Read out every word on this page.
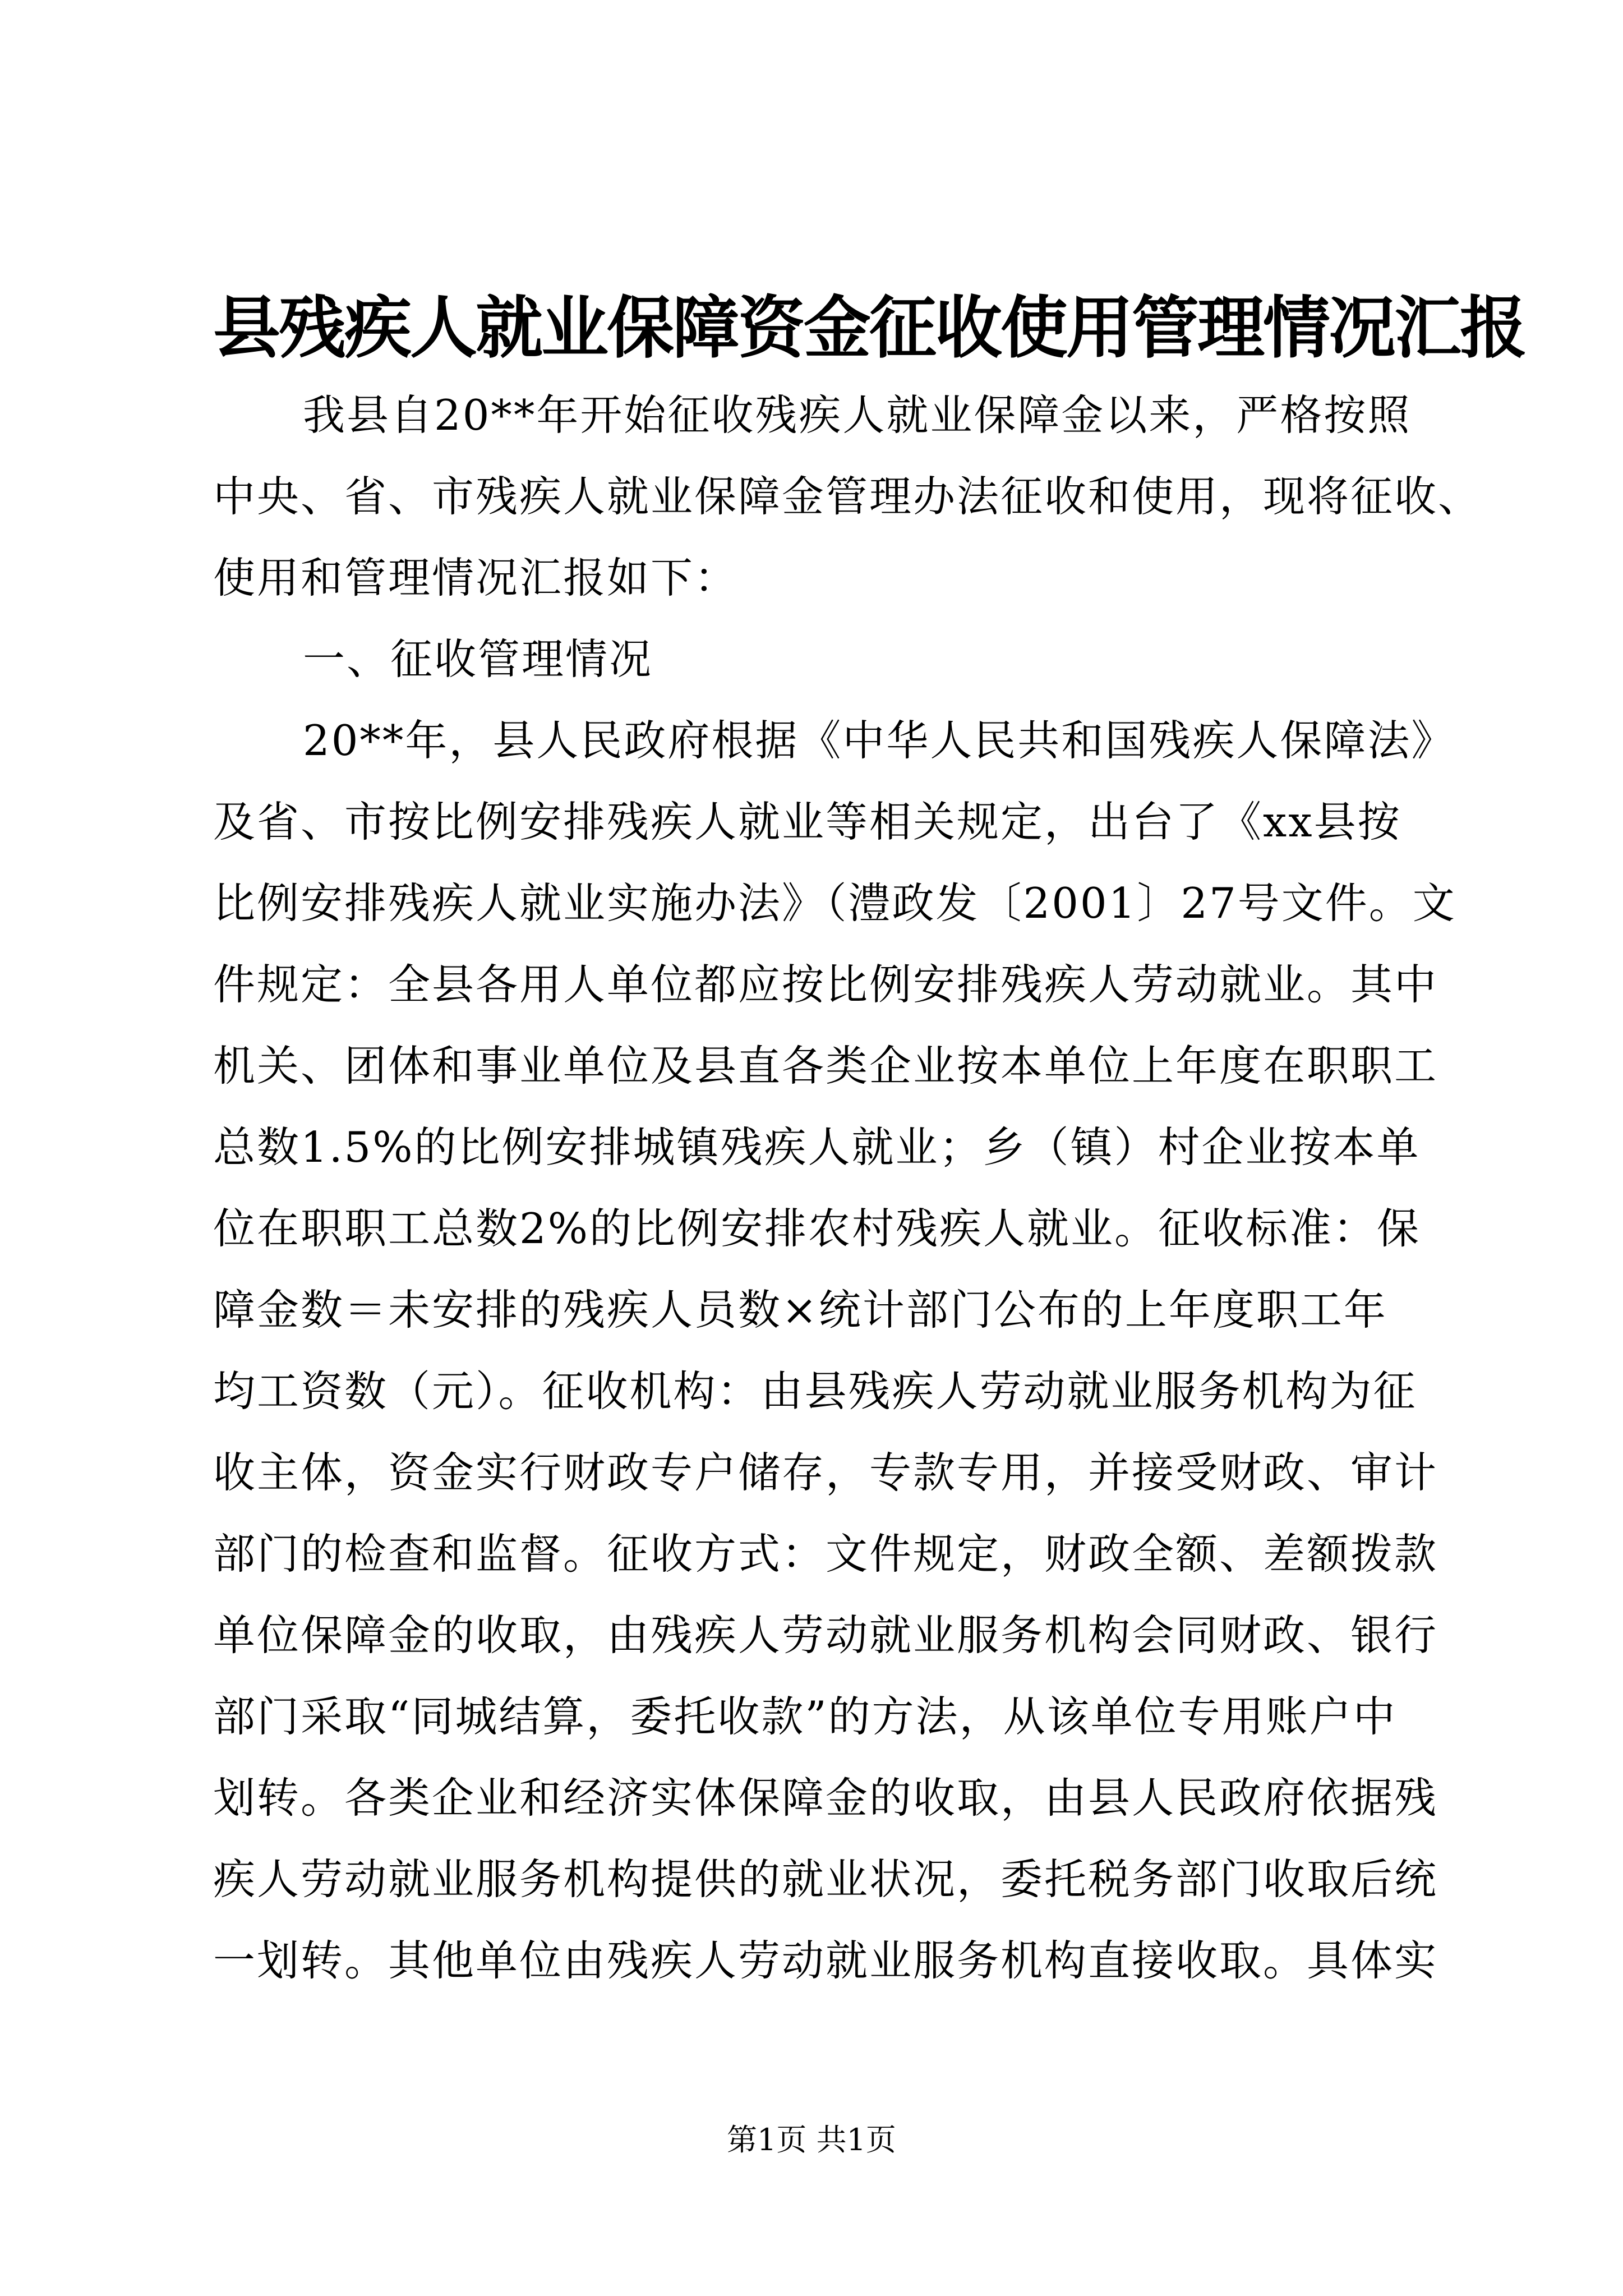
县残疾人就业保障资金征收使用管理情况汇报

我县自20**年开始征收残疾人就业保障金以来，严格按照

中央、省、市残疾人就业保障金管理办法征收和使用，现将征收、

使用和管理情况汇报如下：

一、征收管理情况

20**年，县人民政府根据《中华人民共和国残疾人保障法》

及省、市按比例安排残疾人就业等相关规定，出台了《xx县按

比例安排残疾人就业实施办法》（澧政发〔2001〕27号文件。文

件规定：全县各用人单位都应按比例安排残疾人劳动就业。其中

机关、团体和事业单位及县直各类企业按本单位上年度在职职工

总数1.5%的比例安排城镇残疾人就业；乡（镇）村企业按本单

位在职职工总数2%的比例安排农村残疾人就业。征收标准：保

障金数＝未安排的残疾人员数×统计部门公布的上年度职工年

均工资数（元）。征收机构：由县残疾人劳动就业服务机构为征

收主体，资金实行财政专户储存，专款专用，并接受财政、审计

部门的检查和监督。征收方式：文件规定，财政全额、差额拨款

单位保障金的收取，由残疾人劳动就业服务机构会同财政、银行

部门采取“同城结算，委托收款”的方法，从该单位专用账户中

划转。各类企业和经济实体保障金的收取，由县人民政府依据残

疾人劳动就业服务机构提供的就业状况，委托税务部门收取后统

一划转。其他单位由残疾人劳动就业服务机构直接收取。具体实

第1页 共1页
